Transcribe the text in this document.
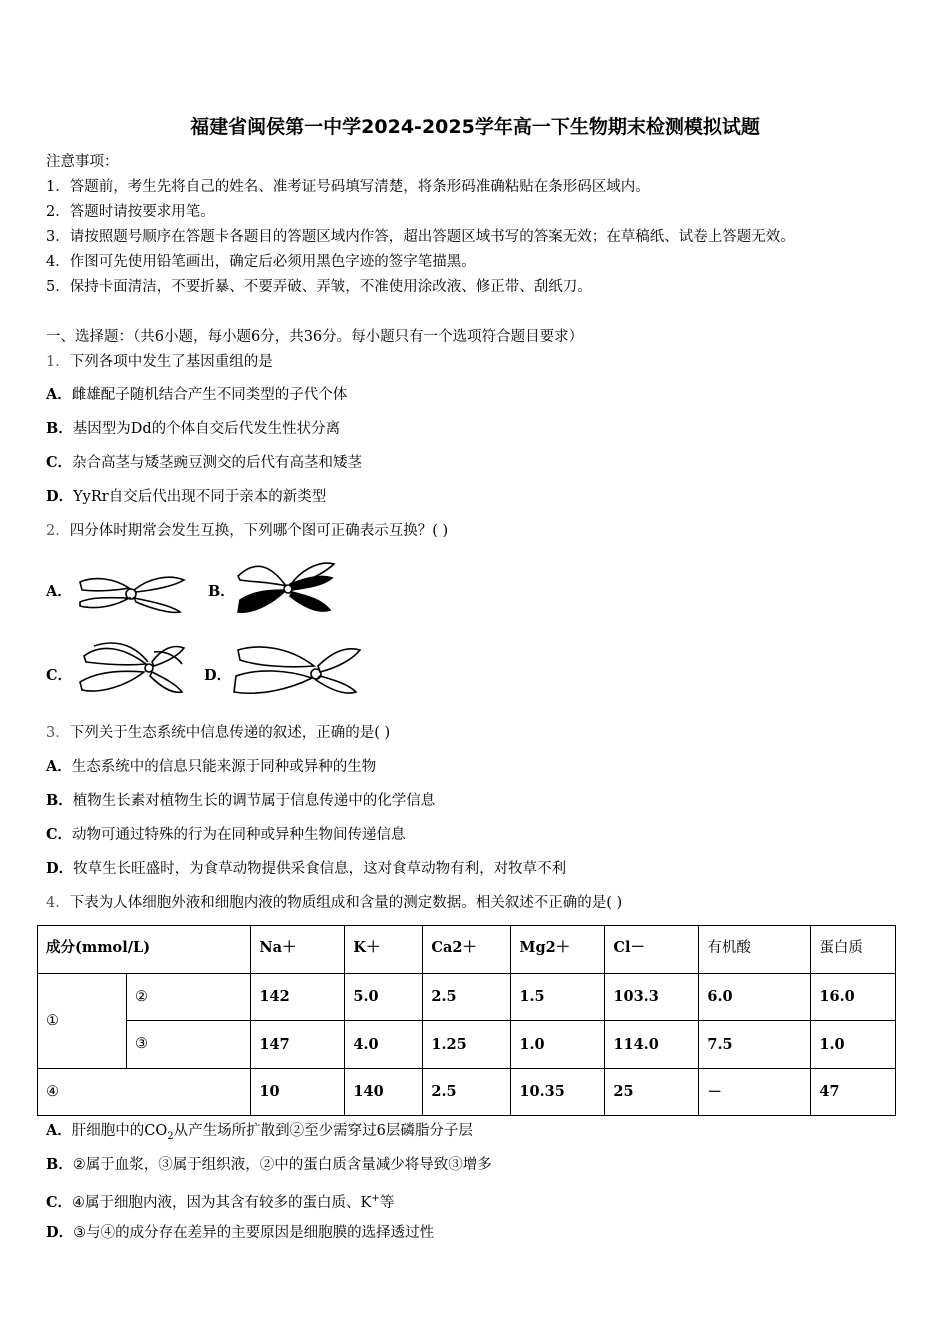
福建省闽侯第一中学2024-2025学年高一下生物期末检测模拟试题
注意事项：
1．答题前，考生先将自己的姓名、准考证号码填写清楚，将条形码准确粘贴在条形码区域内。
2．答题时请按要求用笔。
3．请按照题号顺序在答题卡各题目的答题区域内作答，超出答题区域书写的答案无效；在草稿纸、试卷上答题无效。
4．作图可先使用铅笔画出，确定后必须用黑色字迹的签字笔描黑。
5．保持卡面清洁，不要折暴、不要弄破、弄皱，不准使用涂改液、修正带、刮纸刀。
一、选择题：（共6小题，每小题6分，共36分。每小题只有一个选项符合题目要求）
1．下列各项中发生了基因重组的是
A．雌雄配子随机结合产生不同类型的子代个体
B．基因型为Dd的个体自交后代发生性状分离
C．杂合高茎与矮茎豌豆测交的后代有高茎和矮茎
D．YyRr自交后代出现不同于亲本的新类型
2．四分体时期常会发生互换，下列哪个图可正确表示互换？( )
A．	B．
C．	D．
3．下列关于生态系统中信息传递的叙述，正确的是( )
A．生态系统中的信息只能来源于同种或异种的生物
B．植物生长素对植物生长的调节属于信息传递中的化学信息
C．动物可通过特殊的行为在同种或异种生物间传递信息
D．牧草生长旺盛时，为食草动物提供采食信息，这对食草动物有利，对牧草不利
4．下表为人体细胞外液和细胞内液的物质组成和含量的测定数据。相关叙述不正确的是( )
成分(mmol/L)		Na＋	K＋	Ca2＋	Mg2＋	Cl－	有机酸	蛋白质
①	②	142	5.0	2.5	1.5	103.3	6.0	16.0
	③	147	4.0	1.25	1.0	114.0	7.5	1.0
④		10	140	2.5	10.35	25	－	47
A．肝细胞中的$CO_2$从产生场所扩散到②至少需穿过6层磷脂分子层
B．②属于血浆，③属于组织液，②中的蛋白质含量减少将导致③增多
C．④属于细胞内液，因为其含有较多的蛋白质、K+等
D．③与④的成分存在差异的主要原因是细胞膜的选择透过性
